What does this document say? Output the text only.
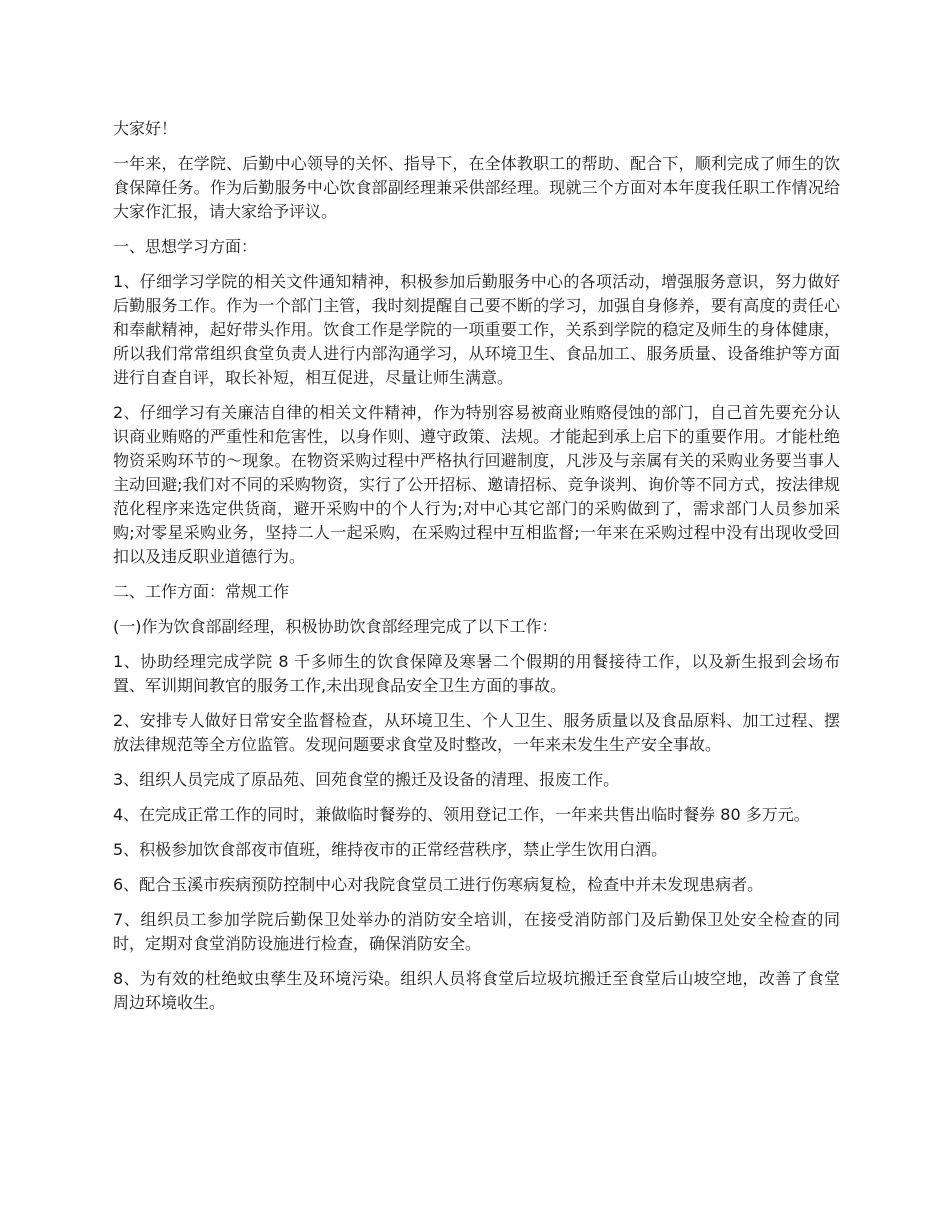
大家好！

一年来，在学院、后勤中心领导的关怀、指导下，在全体教职工的帮助、配合下，顺利完成了师生的饮食保障任务。作为后勤服务中心饮食部副经理兼采供部经理。现就三个方面对本年度我任职工作情况给大家作汇报，请大家给予评议。

一、思想学习方面：

1、仔细学习学院的相关文件通知精神，积极参加后勤服务中心的各项活动，增强服务意识，努力做好后勤服务工作。作为一个部门主管，我时刻提醒自己要不断的学习，加强自身修养，要有高度的责任心和奉献精神，起好带头作用。饮食工作是学院的一项重要工作，关系到学院的稳定及师生的身体健康，所以我们常常组织食堂负责人进行内部沟通学习，从环境卫生、食品加工、服务质量、设备维护等方面进行自查自评，取长补短，相互促进，尽量让师生满意。

2、仔细学习有关廉洁自律的相关文件精神，作为特别容易被商业贿赂侵蚀的部门，自己首先要充分认识商业贿赂的严重性和危害性，以身作则、遵守政策、法规。才能起到承上启下的重要作用。才能杜绝物资采购环节的～现象。在物资采购过程中严格执行回避制度，凡涉及与亲属有关的采购业务要当事人主动回避;我们对不同的采购物资，实行了公开招标、邀请招标、竞争谈判、询价等不同方式，按法律规范化程序来选定供货商，避开采购中的个人行为;对中心其它部门的采购做到了，需求部门人员参加采购;对零星采购业务，坚持二人一起采购，在采购过程中互相监督;一年来在采购过程中没有出现收受回扣以及违反职业道德行为。

二、工作方面：常规工作

(一)作为饮食部副经理，积极协助饮食部经理完成了以下工作：

1、协助经理完成学院 8 千多师生的饮食保障及寒暑二个假期的用餐接待工作，以及新生报到会场布置、军训期间教官的服务工作,未出现食品安全卫生方面的事故。

2、安排专人做好日常安全监督检查，从环境卫生、个人卫生、服务质量以及食品原料、加工过程、摆放法律规范等全方位监管。发现问题要求食堂及时整改，一年来未发生生产安全事故。

3、组织人员完成了原品苑、回苑食堂的搬迁及设备的清理、报废工作。

4、在完成正常工作的同时，兼做临时餐券的、领用登记工作，一年来共售出临时餐券 80 多万元。

5、积极参加饮食部夜市值班，维持夜市的正常经营秩序，禁止学生饮用白酒。

6、配合玉溪市疾病预防控制中心对我院食堂员工进行伤寒病复检，检查中并未发现患病者。

7、组织员工参加学院后勤保卫处举办的消防安全培训，在接受消防部门及后勤保卫处安全检查的同时，定期对食堂消防设施进行检查，确保消防安全。

8、为有效的杜绝蚊虫孳生及环境污染。组织人员将食堂后垃圾坑搬迁至食堂后山坡空地，改善了食堂周边环境收生。
